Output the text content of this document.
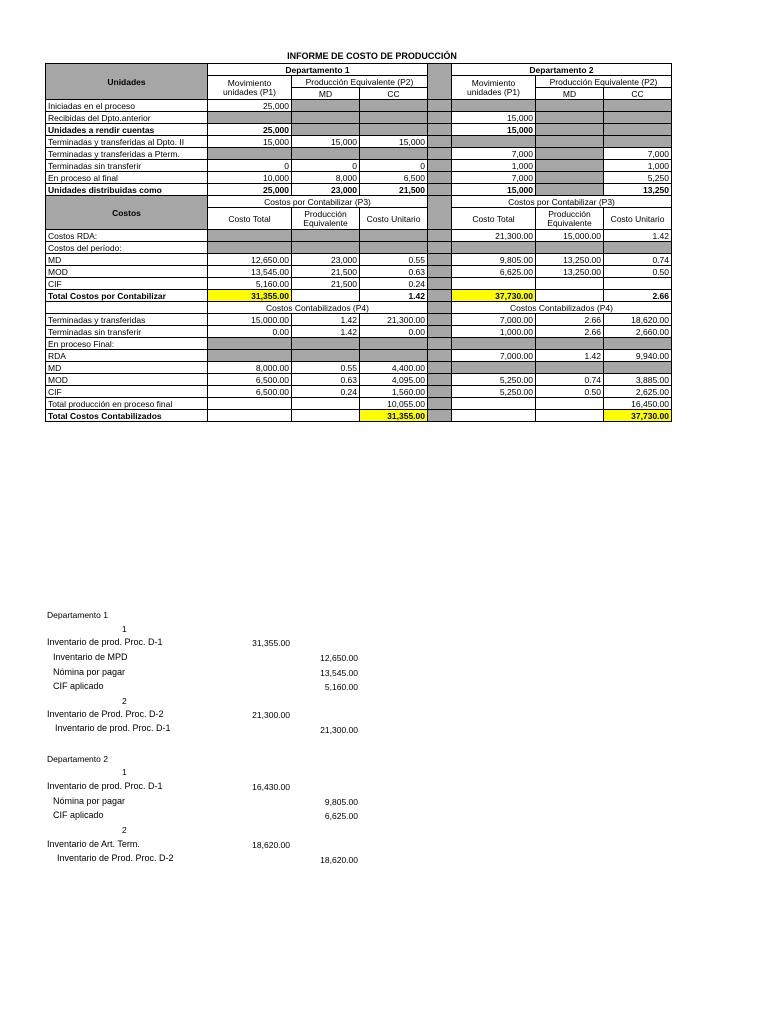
INFORME DE COSTO DE PRODUCCIÓN
Unidades	Departamento 1				Departamento 2		
	Movimiento unidades (P1)	Producción Equivalente (P2)			Movimiento unidades (P1)	Producción Equivalente (P2)	
		MD	CC			MD	CC
Iniciadas en el proceso	25,000						
Recibidas del Dpto.anterior					15,000		
Unidades a rendir cuentas	25,000				15,000		
Terminadas y transferidas al Dpto. II	15,000	15,000	15,000				
Terminadas y transferidas a Pterm.					7,000		7,000
Terminadas sin transferir	0	0	0		1,000		1,000
En proceso al final	10,000	8,000	6,500		7,000		5,250
Unidades distribuidas como	25,000	23,000	21,500		15,000		13,250
Costos	Costos por Contabilizar (P3)				Costos por Contabilizar (P3)		
	Costo Total	Producción Equivalente	Costo Unitario		Costo Total	Producción Equivalente	Costo Unitario
Costos RDA:					21,300.00	15,000.00	1.42
Costos del período:							
MD	12,650.00	23,000	0.55		9,805.00	13,250.00	0.74
MOD	13,545.00	21,500	0.63		6,625.00	13,250.00	0.50
CIF	5,160.00	21,500	0.24				
Total Costos por Contabilizar	31,355.00		1.42		37,730.00		2.66
	Costos Contabilizados (P4)				Costos Contabilizados (P4)		
Terminadas y transferidas	15,000.00	1.42	21,300.00		7,000.00	2.66	18,620.00
Terminadas sin transferir	0.00	1.42	0.00		1,000.00	2.66	2,660.00
En proceso Final:							
RDA					7,000.00	1.42	9,940.00
MD	8,000.00	0.55	4,400.00				
MOD	6,500.00	0.63	4,095.00		5,250.00	0.74	3,885.00
CIF	6,500.00	0.24	1,560.00		5,250.00	0.50	2,625.00
Total producción en proceso final			10,055.00				16,450.00
Total Costos Contabilizados			31,355.00				37,730.00
Departamento 1
1
Inventario de prod. Proc. D-1	31,355.00
Inventario de MPD	12,650.00
Nómina por pagar	13,545.00
CIF aplicado	5,160.00
2
Inventario de Prod. Proc. D-2	21,300.00
Inventario de prod. Proc. D-1	21,300.00
Departamento 2
1
Inventario de prod. Proc. D-1	16,430.00
Nómina por pagar	9,805.00
CIF aplicado	6,625.00
2
Inventario de Art. Term.	18,620.00
Inventario de Prod. Proc. D-2	18,620.00
